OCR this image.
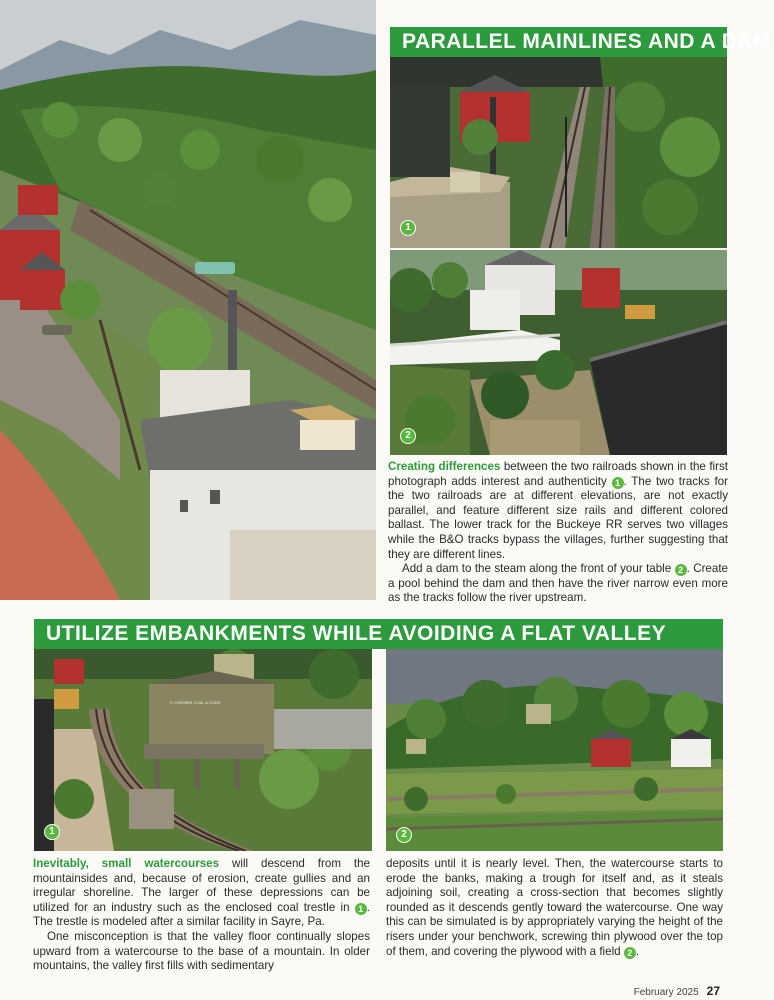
PARALLEL MAINLINES AND A DAM
1
2

Creating differences between the two railroads shown in the first photograph adds interest and authenticity 1 . The two tracks for the two railroads are at different elevations, are not exactly parallel, and feature different size rails and different colored ballast. The lower track for the Buckeye RR serves two villages while the B&O tracks bypass the villages, further suggesting that they are different lines.

Add a dam to the steam along the front of your table 2 . Create a pool behind the dam and then have the river narrow even more as the tracks follow the river upstream.

UTILIZE EMBANKMENTS WHILE AVOIDING A FLAT VALLEY
H. HORNER COAL & COKE
1	2

Inevitably, small watercourses will descend from the mountainsides and, because of erosion, create gullies and an irregular shoreline. The larger of these depressions can be utilized for an industry such as the enclosed coal trestle in 1 . The trestle is modeled after a similar facility in Sayre, Pa.

One misconception is that the valley floor continually slopes upward from a watercourse to the base of a mountain. In older mountains, the valley first fills with sedimentary

deposits until it is nearly level. Then, the watercourse starts to erode the banks, making a trough for itself and, as it steals adjoining soil, creating a cross-section that becomes slightly rounded as it descends gently toward the watercourse. One way this can be simulated is by appropriately varying the height of the risers under your benchwork, screwing thin plywood over the top of them, and covering the plywood with a field 2 .

February 2025 27
